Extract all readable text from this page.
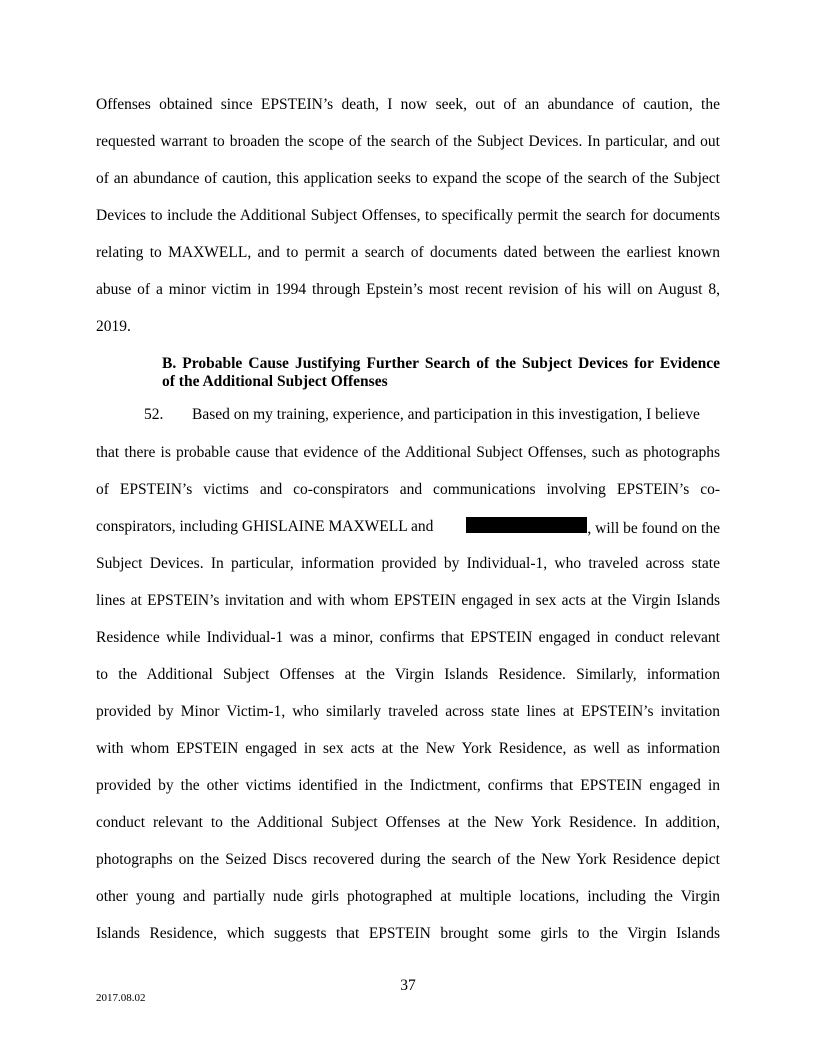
Offenses obtained since EPSTEIN’s death, I now seek, out of an abundance of caution, the
requested warrant to broaden the scope of the search of the Subject Devices. In particular, and out
of an abundance of caution, this application seeks to expand the scope of the search of the Subject
Devices to include the Additional Subject Offenses, to specifically permit the search for documents
relating to MAXWELL, and to permit a search of documents dated between the earliest known
abuse of a minor victim in 1994 through Epstein’s most recent revision of his will on August 8,
2019.
B. Probable Cause Justifying Further Search of the Subject Devices for Evidence
of the Additional Subject Offenses
52. Based on my training, experience, and participation in this investigation, I believe
that there is probable cause that evidence of the Additional Subject Offenses, such as photographs
of EPSTEIN’s victims and co-conspirators and communications involving EPSTEIN’s co-
conspirators, including GHISLAINE MAXWELL and	, will be found on the
Subject Devices. In particular, information provided by Individual-1, who traveled across state
lines at EPSTEIN’s invitation and with whom EPSTEIN engaged in sex acts at the Virgin Islands
Residence while Individual-1 was a minor, confirms that EPSTEIN engaged in conduct relevant
to the Additional Subject Offenses at the Virgin Islands Residence. Similarly, information
provided by Minor Victim-1, who similarly traveled across state lines at EPSTEIN’s invitation
with whom EPSTEIN engaged in sex acts at the New York Residence, as well as information
provided by the other victims identified in the Indictment, confirms that EPSTEIN engaged in
conduct relevant to the Additional Subject Offenses at the New York Residence. In addition,
photographs on the Seized Discs recovered during the search of the New York Residence depict
other young and partially nude girls photographed at multiple locations, including the Virgin
Islands Residence, which suggests that EPSTEIN brought some girls to the Virgin Islands
37
2017.08.02
